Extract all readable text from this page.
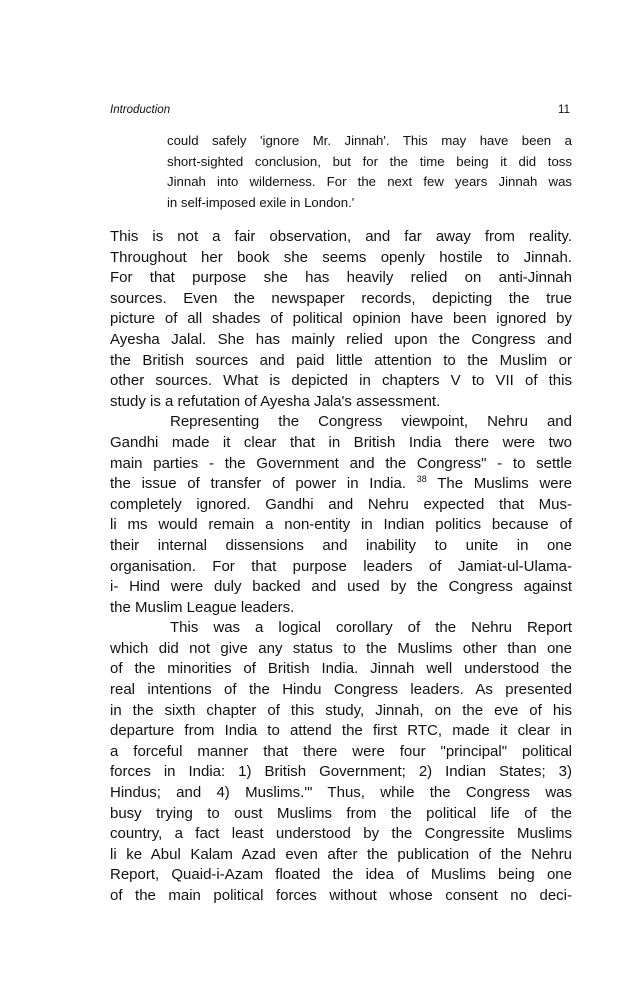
Introduction	11
could safely 'ignore Mr. Jinnah'. This may have been a
short-sighted conclusion, but for the time being it did toss
Jinnah into wilderness. For the next few years Jinnah was
in self-imposed exile in London.'
This is not a fair observation, and far away from reality.
Throughout her book she seems openly hostile to Jinnah.
For that purpose she has heavily relied on anti-Jinnah
sources. Even the newspaper records, depicting the true
picture of all shades of political opinion have been ignored by
Ayesha Jalal. She has mainly relied upon the Congress and
the British sources and paid little attention to the Muslim or
other sources. What is depicted in chapters V to VII of this
study is a refutation of Ayesha Jala's assessment.
Representing the Congress viewpoint, Nehru and
Gandhi made it clear that in British India there were two
main parties - the Government and the Congress" - to settle
the issue of transfer of power in India. $^{38}$ The Muslims were
completely ignored. Gandhi and Nehru expected that Mus-
li ms would remain a non-entity in Indian politics because of
their internal dissensions and inability to unite in one
organisation. For that purpose leaders of Jamiat-ul-Ulama-
i- Hind were duly backed and used by the Congress against
the Muslim League leaders.
This was a logical corollary of the Nehru Report
which did not give any status to the Muslims other than one
of the minorities of British India. Jinnah well understood the
real intentions of the Hindu Congress leaders. As presented
in the sixth chapter of this study, Jinnah, on the eve of his
departure from India to attend the first RTC, made it clear in
a forceful manner that there were four "principal" political
forces in India: 1) British Government; 2) Indian States; 3)
Hindus; and 4) Muslims.'" Thus, while the Congress was
busy trying to oust Muslims from the political life of the
country, a fact least understood by the Congressite Muslims
li ke Abul Kalam Azad even after the publication of the Nehru
Report, Quaid-i-Azam floated the idea of Muslims being one
of the main political forces without whose consent no deci-
